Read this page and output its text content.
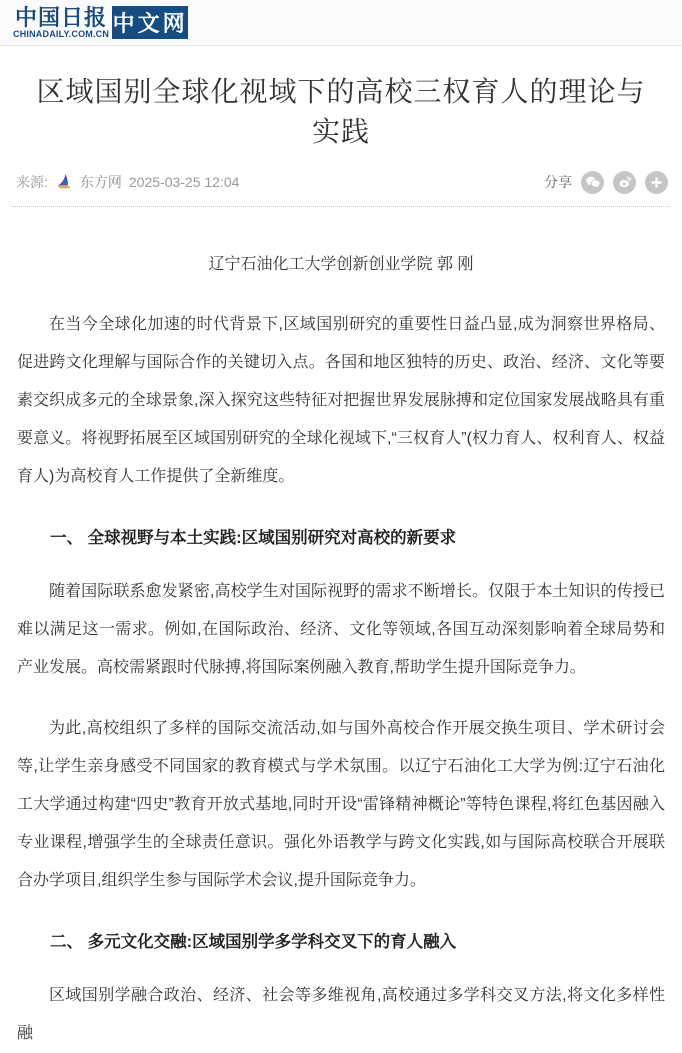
中国日报
CHINADAILY.COM.CN 中文网
区域国别全球化视域下的高校三权育人的理论与实践
来源: 东方网 2025-03-25 12:04	分享
辽宁石油化工大学创新创业学院 郭 刚

在当今全球化加速的时代背景下,区域国别研究的重要性日益凸显,成为洞察世界格局、促进跨文化理解与国际合作的关键切入点。各国和地区独特的历史、政治、经济、文化等要素交织成多元的全球景象,深入探究这些特征对把握世界发展脉搏和定位国家发展战略具有重要意义。将视野拓展至区域国别研究的全球化视域下,“三权育人”(权力育人、权利育人、权益育人)为高校育人工作提供了全新维度。

一、 全球视野与本土实践:区域国别研究对高校的新要求

随着国际联系愈发紧密,高校学生对国际视野的需求不断增长。仅限于本土知识的传授已难以满足这一需求。例如,在国际政治、经济、文化等领域,各国互动深刻影响着全球局势和产业发展。高校需紧跟时代脉搏,将国际案例融入教育,帮助学生提升国际竞争力。

为此,高校组织了多样的国际交流活动,如与国外高校合作开展交换生项目、学术研讨会等,让学生亲身感受不同国家的教育模式与学术氛围。以辽宁石油化工大学为例:辽宁石油化工大学通过构建“四史”教育开放式基地,同时开设“雷锋精神概论”等特色课程,将红色基因融入专业课程,增强学生的全球责任意识。强化外语教学与跨文化实践,如与国际高校联合开展联合办学项目,组织学生参与国际学术会议,提升国际竞争力。

二、 多元文化交融:区域国别学多学科交叉下的育人融入

区域国别学融合政治、经济、社会等多维视角,高校通过多学科交叉方法,将文化多样性融
